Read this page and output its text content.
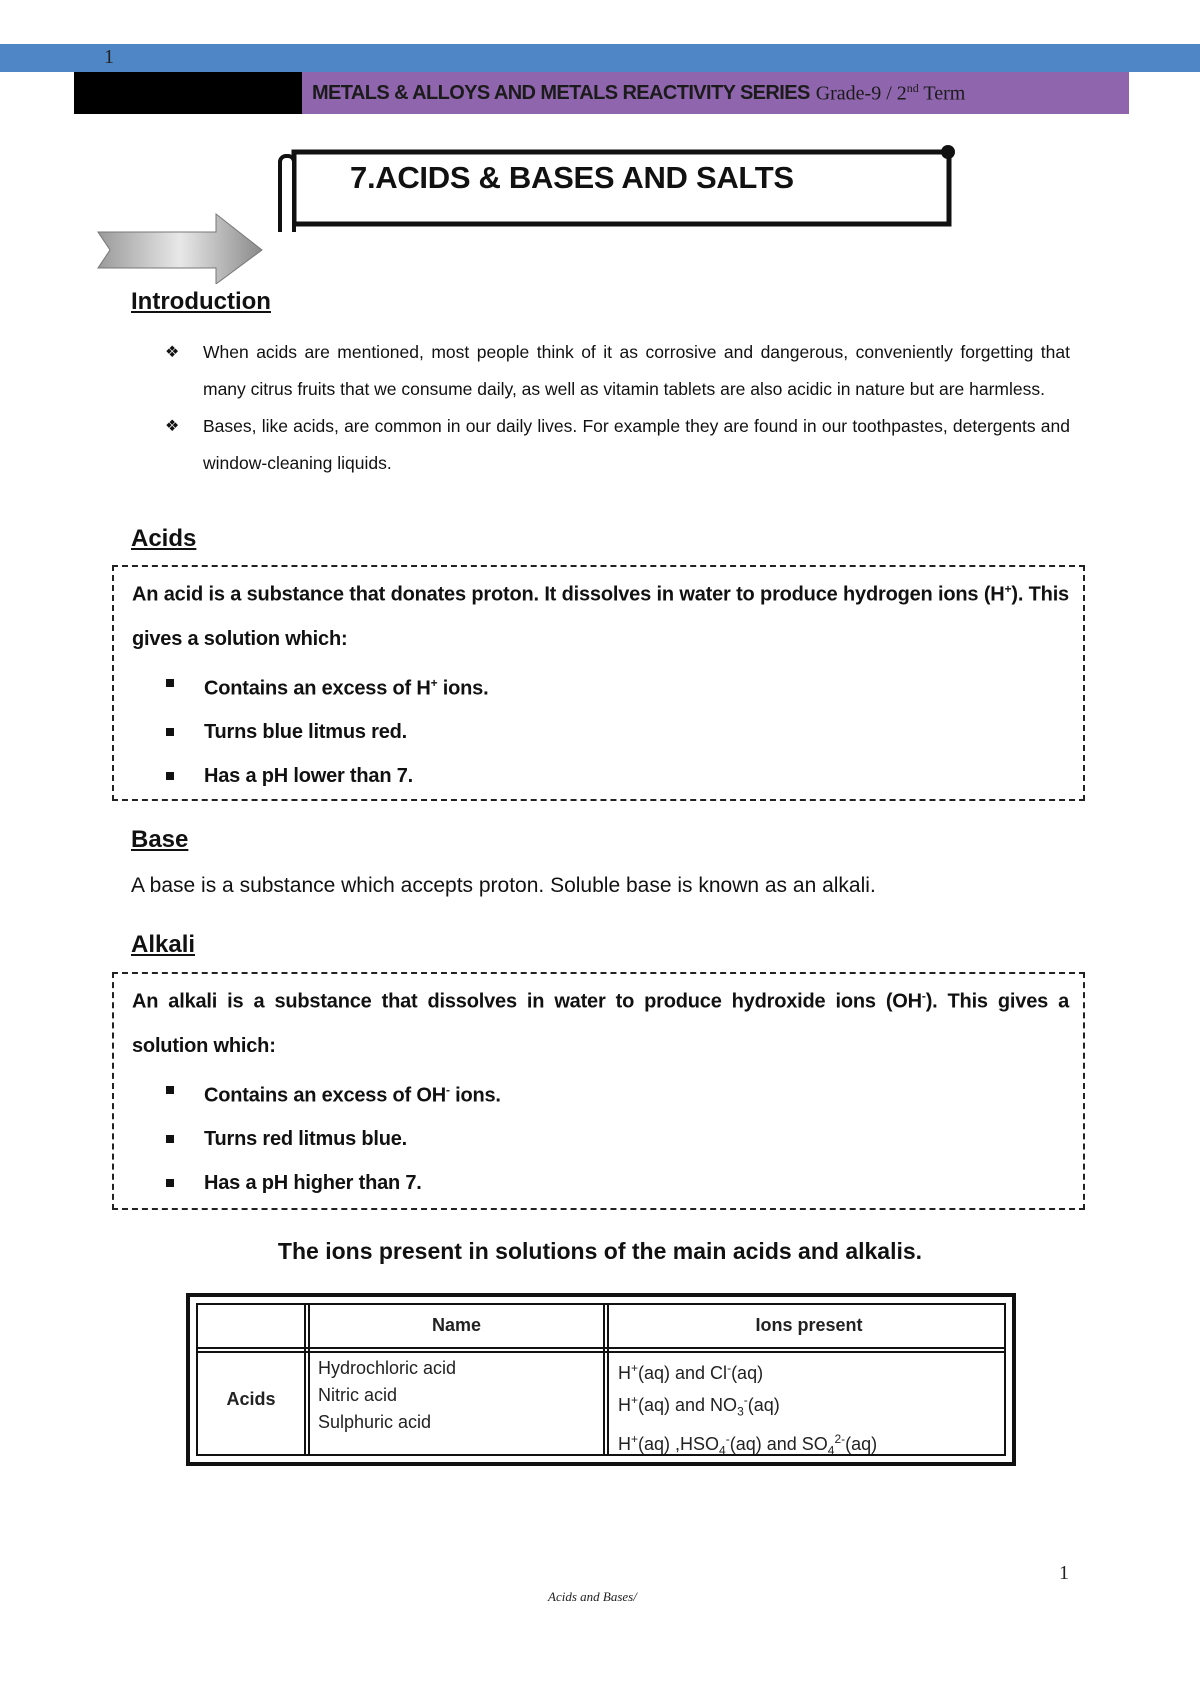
1
METALS & ALLOYS AND METALS REACTIVITY SERIES Grade-9 / 2nd Term
7.ACIDS & BASES AND SALTS
Introduction
❖ When acids are mentioned, most people think of it as corrosive and dangerous, conveniently forgetting that many citrus fruits that we consume daily, as well as vitamin tablets are also acidic in nature but are harmless.
❖ Bases, like acids, are common in our daily lives. For example they are found in our toothpastes, detergents and window-cleaning liquids.
Acids
An acid is a substance that donates proton. It dissolves in water to produce hydrogen ions (H+). This gives a solution which:
Contains an excess of H+ ions.
Turns blue litmus red.
Has a pH lower than 7.
Base
A base is a substance which accepts proton. Soluble base is known as an alkali.
Alkali
An alkali is a substance that dissolves in water to produce hydroxide ions (OH-). This gives a solution which:
Contains an excess of OH- ions.
Turns red litmus blue.
Has a pH higher than 7.
The ions present in solutions of the main acids and alkalis.
Name	Ions present
Acids
Hydrochloric acid
Nitric acid
Sulphuric acid
H+(aq) and Cl-(aq)
H+(aq) and $NO_3^-(aq)$
H+(aq) $,HSO_4^-(aq)$ and $SO_4^{2-}(aq)$
1
Acids and Bases/
